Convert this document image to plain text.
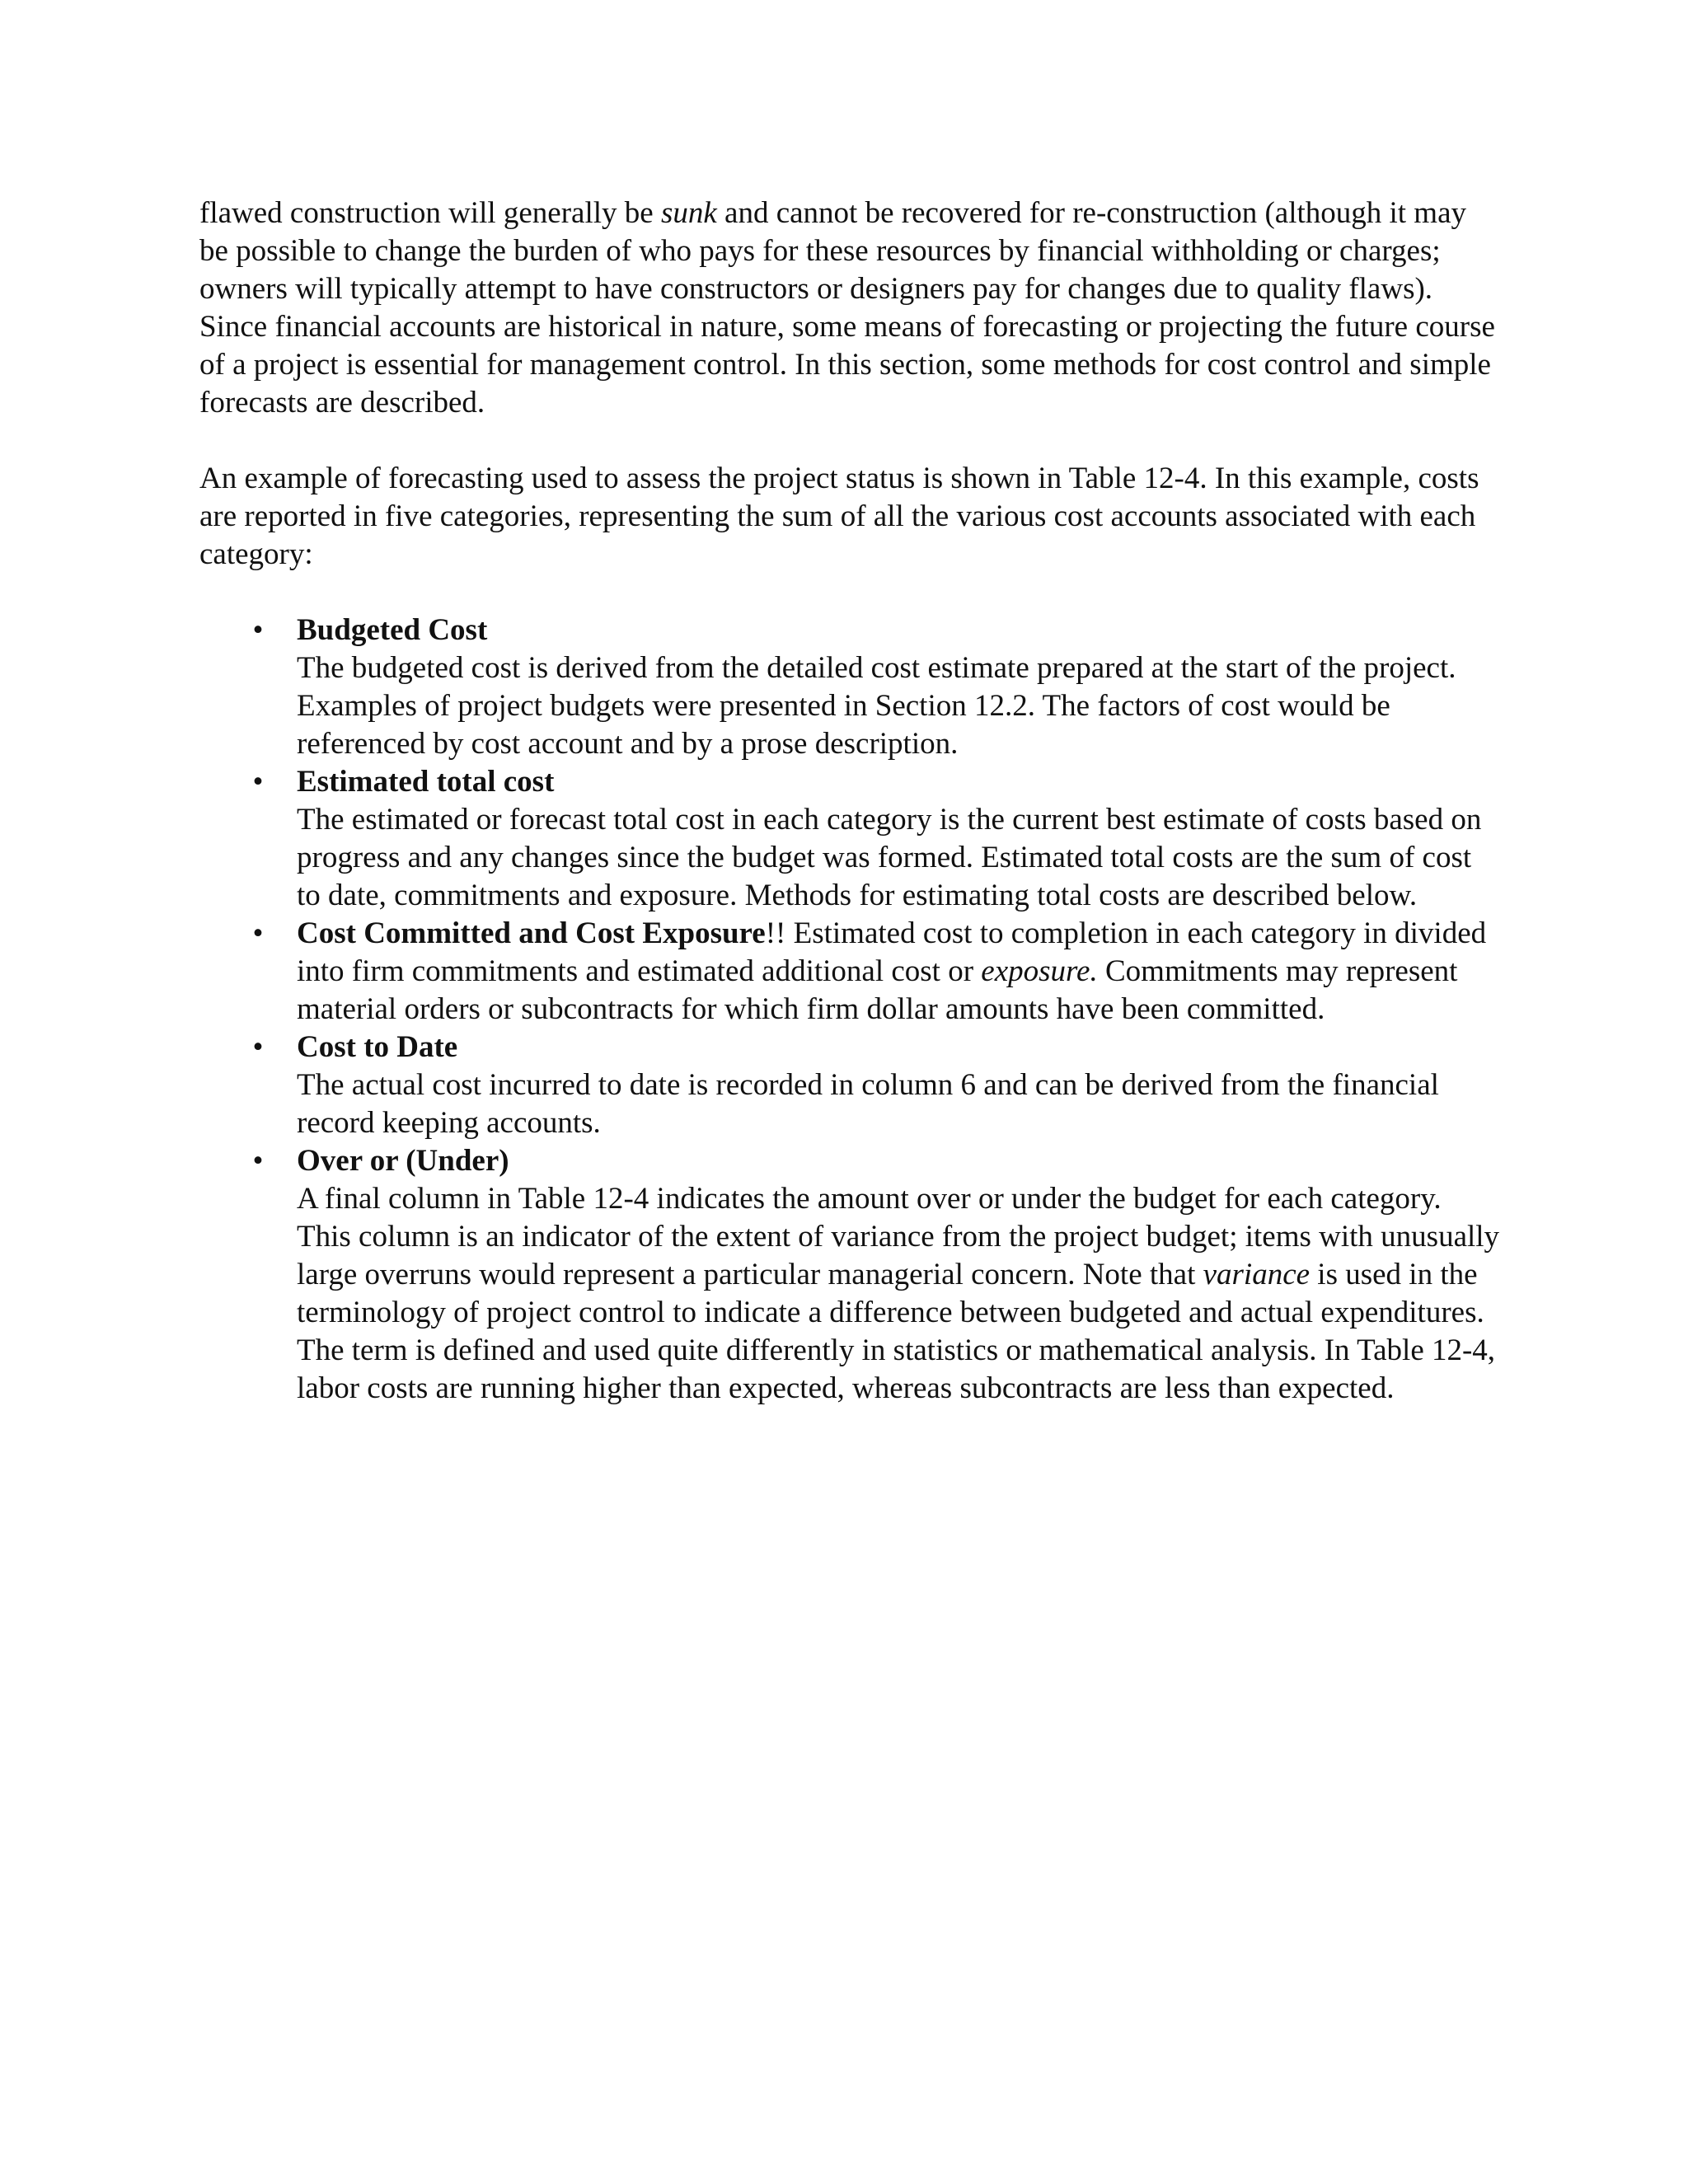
flawed construction will generally be sunk and cannot be recovered for re-construction (although it may be possible to change the burden of who pays for these resources by financial withholding or charges; owners will typically attempt to have constructors or designers pay for changes due to quality flaws). Since financial accounts are historical in nature, some means of forecasting or projecting the future course of a project is essential for management control. In this section, some methods for cost control and simple forecasts are described.

An example of forecasting used to assess the project status is shown in Table 12-4. In this example, costs are reported in five categories, representing the sum of all the various cost accounts associated with each category:

• Budgeted Cost
The budgeted cost is derived from the detailed cost estimate prepared at the start of the project. Examples of project budgets were presented in Section 12.2. The factors of cost would be referenced by cost account and by a prose description.
• Estimated total cost
The estimated or forecast total cost in each category is the current best estimate of costs based on progress and any changes since the budget was formed. Estimated total costs are the sum of cost to date, commitments and exposure. Methods for estimating total costs are described below.
• Cost Committed and Cost Exposure!! Estimated cost to completion in each category in divided into firm commitments and estimated additional cost or exposure. Commitments may represent material orders or subcontracts for which firm dollar amounts have been committed.
• Cost to Date
The actual cost incurred to date is recorded in column 6 and can be derived from the financial record keeping accounts.
• Over or (Under)
A final column in Table 12-4 indicates the amount over or under the budget for each category. This column is an indicator of the extent of variance from the project budget; items with unusually large overruns would represent a particular managerial concern. Note that variance is used in the terminology of project control to indicate a difference between budgeted and actual expenditures. The term is defined and used quite differently in statistics or mathematical analysis. In Table 12-4, labor costs are running higher than expected, whereas subcontracts are less than expected.
